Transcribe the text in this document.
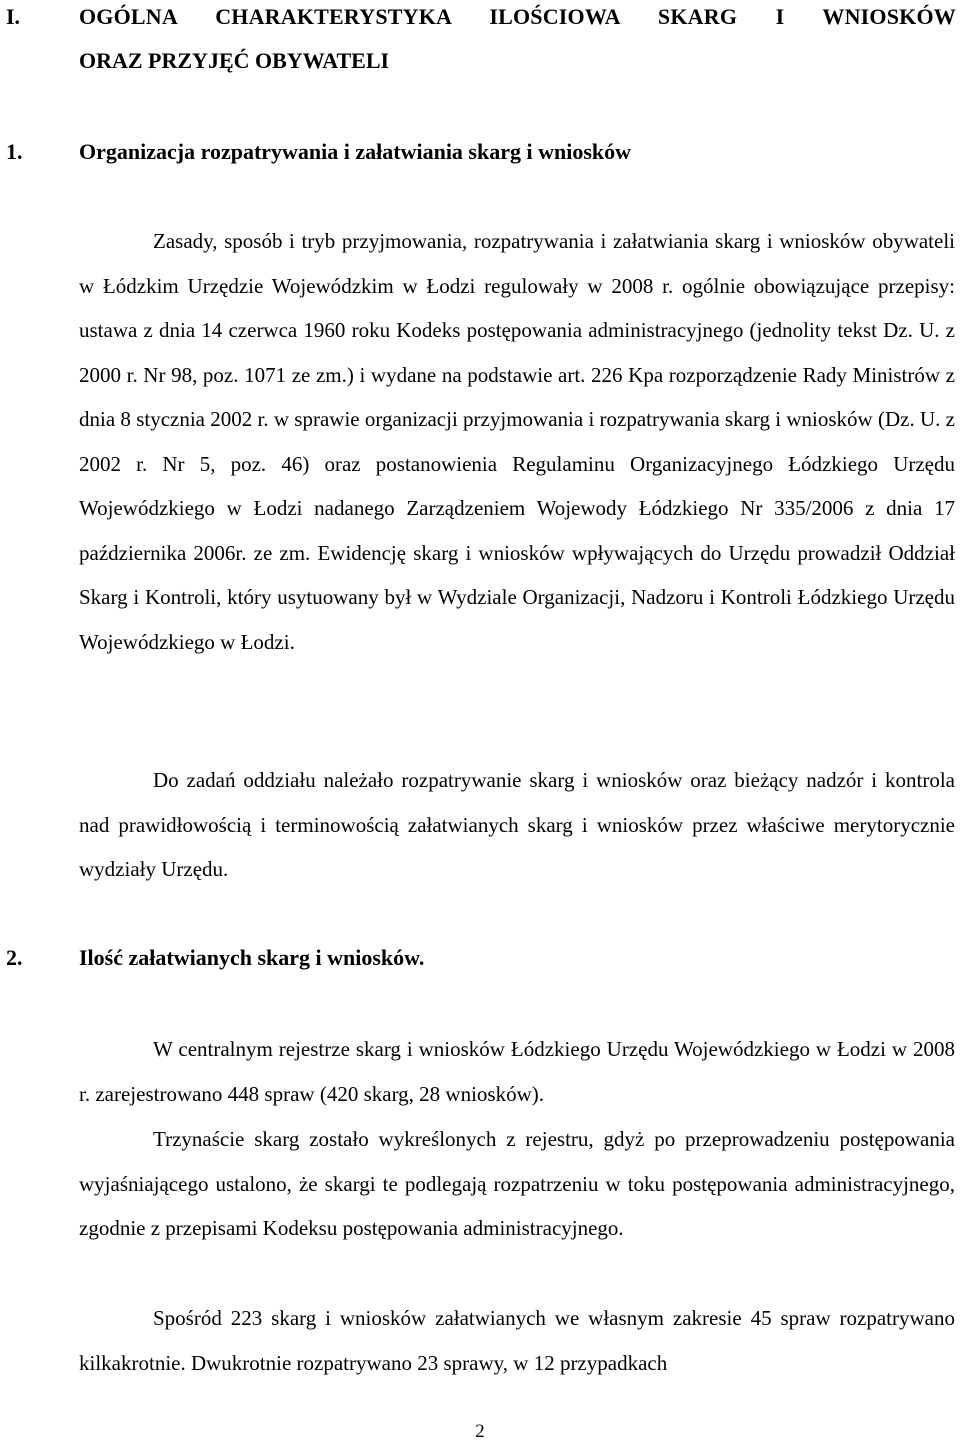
I.	OGÓLNA CHARAKTERYSTYKA ILOŚCIOWA SKARG I WNIOSKÓW
ORAZ PRZYJĘĆ OBYWATELI
1.	Organizacja rozpatrywania i załatwiania skarg i wniosków

Zasady, sposób i tryb przyjmowania, rozpatrywania i załatwiania skarg i wniosków obywateli w Łódzkim Urzędzie Wojewódzkim w Łodzi regulowały w 2008 r. ogólnie obowiązujące przepisy: ustawa z dnia 14 czerwca 1960 roku Kodeks postępowania administracyjnego (jednolity tekst Dz. U. z 2000 r. Nr 98, poz. 1071 ze zm.) i wydane na podstawie art. 226 Kpa rozporządzenie Rady Ministrów z dnia 8 stycznia 2002 r. w sprawie organizacji przyjmowania i rozpatrywania skarg i wniosków (Dz. U. z 2002 r. Nr 5, poz. 46) oraz postanowienia Regulaminu Organizacyjnego Łódzkiego Urzędu Wojewódzkiego w Łodzi nadanego Zarządzeniem Wojewody Łódzkiego Nr 335/2006 z dnia 17 października 2006r. ze zm. Ewidencję skarg i wniosków wpływających do Urzędu prowadził Oddział Skarg i Kontroli, który usytuowany był w Wydziale Organizacji, Nadzoru i Kontroli Łódzkiego Urzędu Wojewódzkiego w Łodzi.

Do zadań oddziału należało rozpatrywanie skarg i wniosków oraz bieżący nadzór i kontrola nad prawidłowością i terminowością załatwianych skarg i wniosków przez właściwe merytorycznie wydziały Urzędu.

2.	Ilość załatwianych skarg i wniosków.

W centralnym rejestrze skarg i wniosków Łódzkiego Urzędu Wojewódzkiego w Łodzi w 2008 r. zarejestrowano 448 spraw (420 skarg, 28 wniosków).

Trzynaście skarg zostało wykreślonych z rejestru, gdyż po przeprowadzeniu postępowania wyjaśniającego ustalono, że skargi te podlegają rozpatrzeniu w toku postępowania administracyjnego, zgodnie z przepisami Kodeksu postępowania administracyjnego.

Spośród 223 skarg i wniosków załatwianych we własnym zakresie 45 spraw rozpatrywano kilkakrotnie. Dwukrotnie rozpatrywano 23 sprawy, w 12 przypadkach

2
